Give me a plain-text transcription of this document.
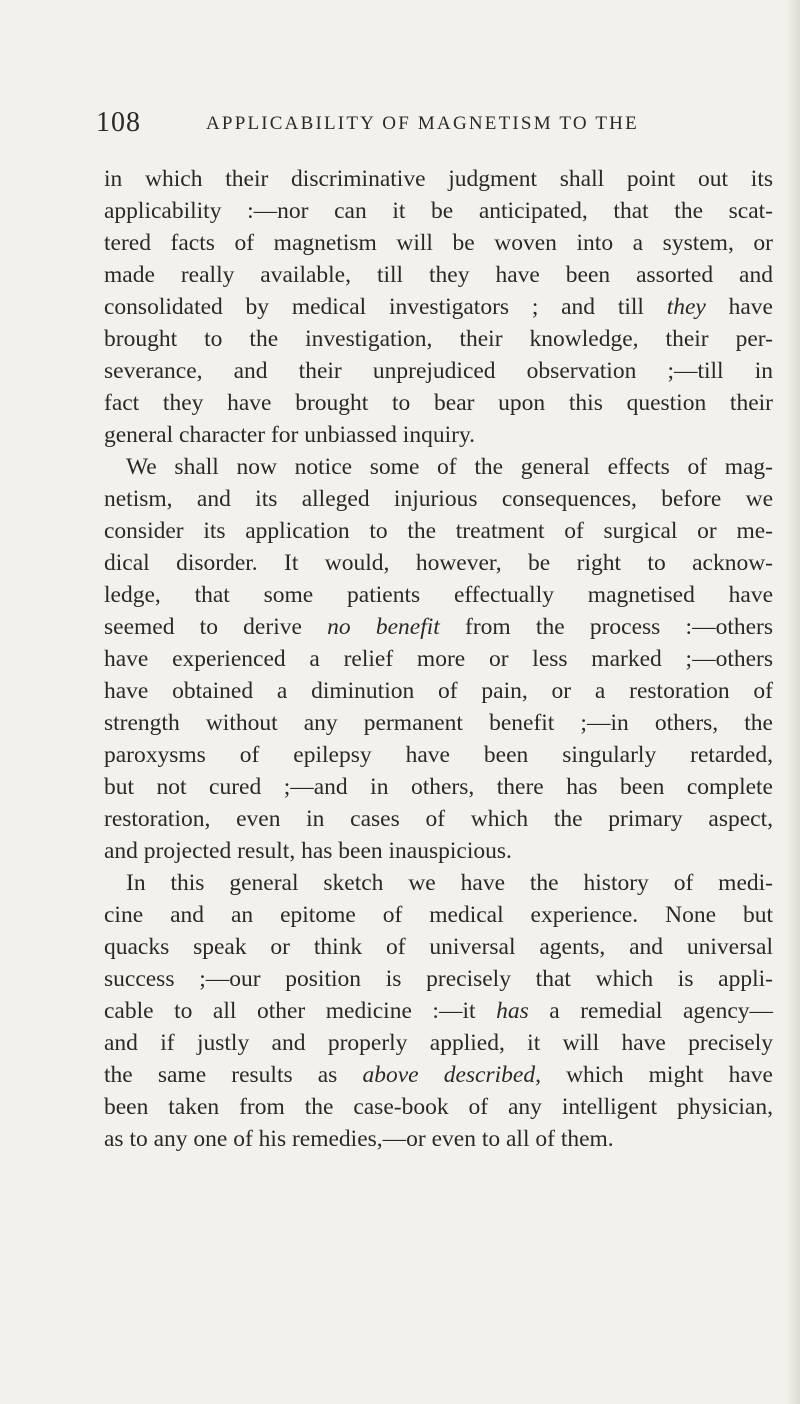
108	APPLICABILITY OF MAGNETISM TO THE
in which their discriminative judgment shall point out its
applicability :—nor can it be anticipated, that the scat-
tered facts of magnetism will be woven into a system, or
made really available, till they have been assorted and
consolidated by medical investigators ; and till they have
brought to the investigation, their knowledge, their per-
severance, and their unprejudiced observation ;—till in
fact they have brought to bear upon this question their
general character for unbiassed inquiry.
We shall now notice some of the general effects of mag-
netism, and its alleged injurious consequences, before we
consider its application to the treatment of surgical or me-
dical disorder. It would, however, be right to acknow-
ledge, that some patients effectually magnetised have
seemed to derive no benefit from the process :—others
have experienced a relief more or less marked ;—others
have obtained a diminution of pain, or a restoration of
strength without any permanent benefit ;—in others, the
paroxysms of epilepsy have been singularly retarded,
but not cured ;—and in others, there has been complete
restoration, even in cases of which the primary aspect,
and projected result, has been inauspicious.
In this general sketch we have the history of medi-
cine and an epitome of medical experience. None but
quacks speak or think of universal agents, and universal
success ;—our position is precisely that which is appli-
cable to all other medicine :—it has a remedial agency—
and if justly and properly applied, it will have precisely
the same results as above described, which might have
been taken from the case-book of any intelligent physician,
as to any one of his remedies,—or even to all of them.
